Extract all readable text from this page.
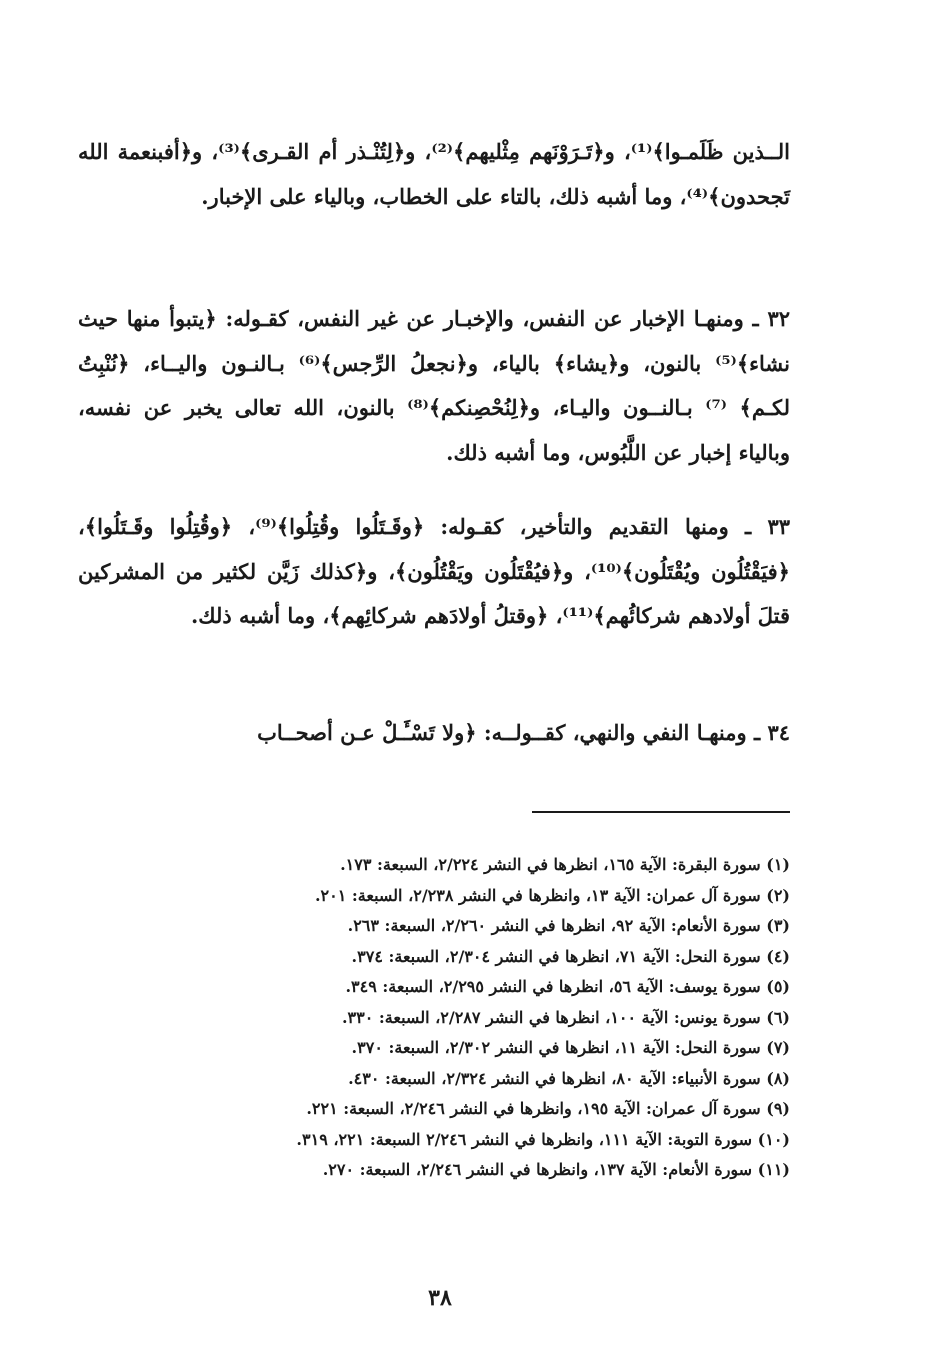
الــذين ظَلَمـوا﴾⁽¹⁾، و﴿تَـرَوْنَهم مِثْليهم﴾⁽²⁾، و﴿لِتُنْـذر أم القـرى﴾⁽³⁾، و﴿أفبنعمة الله تَجحدون﴾⁽⁴⁾، وما أشبه ذلك، بالتاء على الخطاب، وبالياء على الإخبار.

٣٢ ـ ومنهـا الإخبار عن النفس، والإخبـار عن غير النفس، كقـوله: ﴿يتبوأ منها حيث نشاء﴾⁽⁵⁾ بالنون، و﴿يشاء﴾ بالياء، و﴿نجعلُ الرِّجس﴾⁽⁶⁾ بـالنـون واليــاء، ﴿نُنْبِتُ لكـم﴾ ⁽⁷⁾ بـالنــون واليـاء، و﴿لِنُحْصِنكم﴾⁽⁸⁾ بالنون، الله تعالى يخبر عن نفسه، وبالياء إخبار عن اللَّبُوس، وما أشبه ذلك.

٣٣ ـ ومنها التقديم والتأخير، كقـوله: ﴿وقَـتَلُوا وقُتِلُوا﴾⁽⁹⁾، ﴿وقُتِلُوا وقَـتَلُوا﴾، ﴿فيَقْتُلُون ويُقْتَلُون﴾⁽¹⁰⁾، و﴿فيُقْتَلُون ويَقْتُلُون﴾، و﴿كذلك زَيَّن لكثير من المشركين قتلَ أولادهم شركائُهم﴾⁽¹¹⁾، ﴿وقتلُ أولادَهم شركائِهم﴾، وما أشبه ذلك.

٣٤ ـ ومنهـا النفي والنهي، كقــولــه: ﴿ولا تَسْـَٔـلْ عـن أصحــاب

(١) سورة البقرة: الآية ١٦٥، انظرها في النشر ٢/٢٢٤، السبعة: ١٧٣.
(٢) سورة آل عمران: الآية ١٣، وانظرها في النشر ٢/٢٣٨، السبعة: ٢٠١.
(٣) سورة الأنعام: الآية ٩٢، انظرها في النشر ٢/٢٦٠، السبعة: ٢٦٣.
(٤) سورة النحل: الآية ٧١، انظرها في النشر ٢/٣٠٤، السبعة: ٣٧٤.
(٥) سورة يوسف: الآية ٥٦، انظرها في النشر ٢/٢٩٥، السبعة: ٣٤٩.
(٦) سورة يونس: الآية ١٠٠، انظرها في النشر ٢/٢٨٧، السبعة: ٣٣٠.
(٧) سورة النحل: الآية ١١، انظرها في النشر ٢/٣٠٢، السبعة: ٣٧٠.
(٨) سورة الأنبياء: الآية ٨٠، انظرها في النشر ٢/٣٢٤، السبعة: ٤٣٠.
(٩) سورة آل عمران: الآية ١٩٥، وانظرها في النشر ٢/٢٤٦، السبعة: ٢٢١.
(١٠) سورة التوبة: الآية ١١١، وانظرها في النشر ٢/٢٤٦ السبعة: ٢٢١، ٣١٩.
(١١) سورة الأنعام: الآية ١٣٧، وانظرها في النشر ٢/٢٤٦، السبعة: ٢٧٠.
٣٨
